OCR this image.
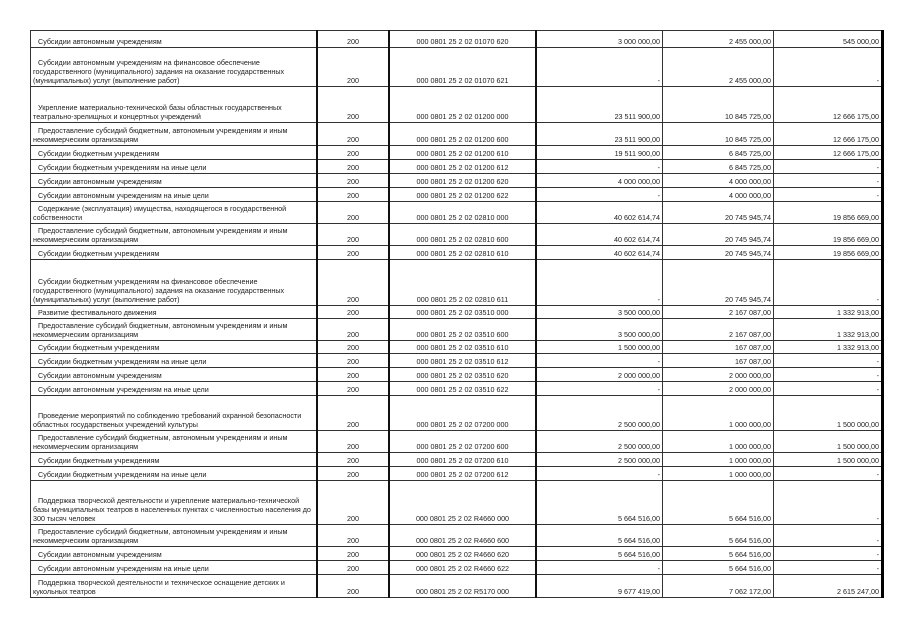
Субсидии автономным учреждениям	200	000 0801 25 2 02 01070 620	3 000 000,00	2 455 000,00	545 000,00
Субсидии автономным учреждениям на финансовое обеспечение государственного (муниципального) задания на оказание государственных (муниципальных) услуг (выполнение работ)	200	000 0801 25 2 02 01070 621	-	2 455 000,00	-
Укрепление материально-технической базы областных государственных театрально-зрелищных и концертных учреждений	200	000 0801 25 2 02 01200 000	23 511 900,00	10 845 725,00	12 666 175,00
Предоставление субсидий бюджетным, автономным учреждениям и иным некоммерческим организациям	200	000 0801 25 2 02 01200 600	23 511 900,00	10 845 725,00	12 666 175,00
Субсидии бюджетным учреждениям	200	000 0801 25 2 02 01200 610	19 511 900,00	6 845 725,00	12 666 175,00
Субсидии бюджетным учреждениям на иные цели	200	000 0801 25 2 02 01200 612	-	6 845 725,00	-
Субсидии автономным учреждениям	200	000 0801 25 2 02 01200 620	4 000 000,00	4 000 000,00	-
Субсидии автономным учреждениям на иные цели	200	000 0801 25 2 02 01200 622	-	4 000 000,00	-
Содержание (эксплуатация) имущества, находящегося в государственной собственности	200	000 0801 25 2 02 02810 000	40 602 614,74	20 745 945,74	19 856 669,00
Предоставление субсидий бюджетным, автономным учреждениям и иным некоммерческим организациям	200	000 0801 25 2 02 02810 600	40 602 614,74	20 745 945,74	19 856 669,00
Субсидии бюджетным учреждениям	200	000 0801 25 2 02 02810 610	40 602 614,74	20 745 945,74	19 856 669,00
Субсидии бюджетным учреждениям на финансовое обеспечение государственного (муниципального) задания на оказание государственных (муниципальных) услуг (выполнение работ)	200	000 0801 25 2 02 02810 611	-	20 745 945,74	-
Развитие фестивального движения	200	000 0801 25 2 02 03510 000	3 500 000,00	2 167 087,00	1 332 913,00
Предоставление субсидий бюджетным, автономным учреждениям и иным некоммерческим организациям	200	000 0801 25 2 02 03510 600	3 500 000,00	2 167 087,00	1 332 913,00
Субсидии бюджетным учреждениям	200	000 0801 25 2 02 03510 610	1 500 000,00	167 087,00	1 332 913,00
Субсидии бюджетным учреждениям на иные цели	200	000 0801 25 2 02 03510 612	-	167 087,00	-
Субсидии автономным учреждениям	200	000 0801 25 2 02 03510 620	2 000 000,00	2 000 000,00	-
Субсидии автономным учреждениям на иные цели	200	000 0801 25 2 02 03510 622	-	2 000 000,00	-
Проведение мероприятий по соблюдению требований охранной безопасности областных государственых учреждений культуры	200	000 0801 25 2 02 07200 000	2 500 000,00	1 000 000,00	1 500 000,00
Предоставление субсидий бюджетным, автономным учреждениям и иным некоммерческим организациям	200	000 0801 25 2 02 07200 600	2 500 000,00	1 000 000,00	1 500 000,00
Субсидии бюджетным учреждениям	200	000 0801 25 2 02 07200 610	2 500 000,00	1 000 000,00	1 500 000,00
Субсидии бюджетным учреждениям на иные цели	200	000 0801 25 2 02 07200 612	-	1 000 000,00	-
Поддержка творческой деятельности и укрепление материально-технической базы муниципальных театров в населенных пунктах с численностью населения до 300 тысяч человек	200	000 0801 25 2 02 R4660 000	5 664 516,00	5 664 516,00	-
Предоставление субсидий бюджетным, автономным учреждениям и иным некоммерческим организациям	200	000 0801 25 2 02 R4660 600	5 664 516,00	5 664 516,00	-
Субсидии автономным учреждениям	200	000 0801 25 2 02 R4660 620	5 664 516,00	5 664 516,00	-
Субсидии автономным учреждениям на иные цели	200	000 0801 25 2 02 R4660 622	-	5 664 516,00	-
Поддержка творческой деятельности и техническое оснащение детских и кукольных театров	200	000 0801 25 2 02 R5170 000	9 677 419,00	7 062 172,00	2 615 247,00
